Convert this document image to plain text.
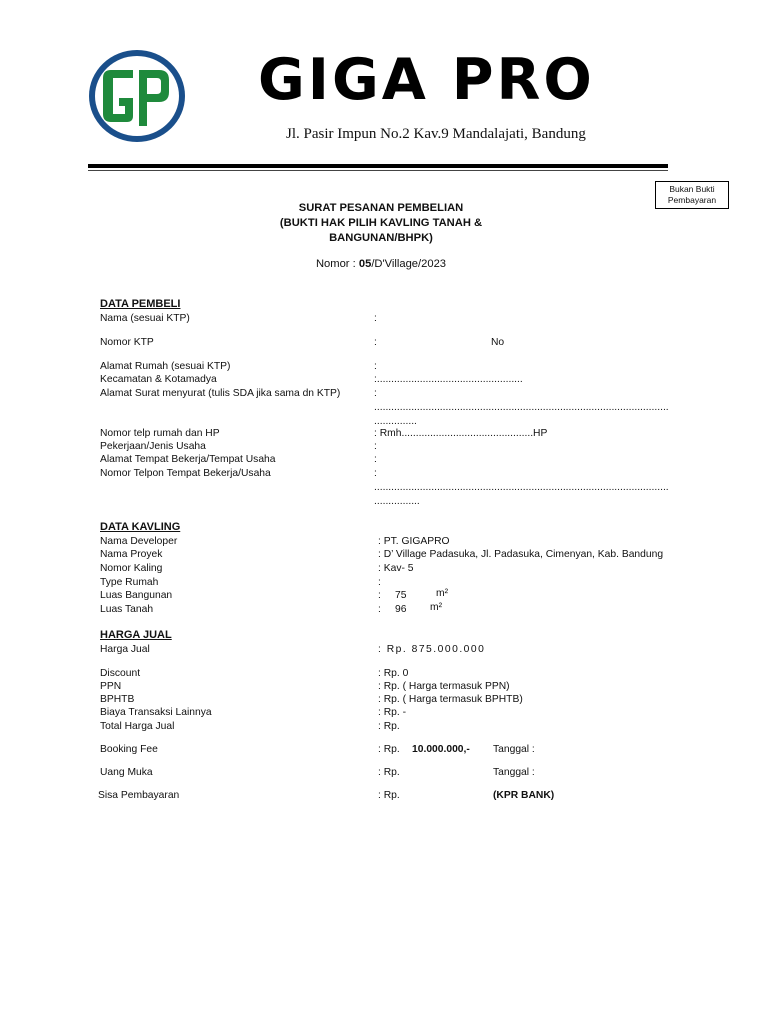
GIGA PRO
Jl. Pasir Impun No.2 Kav.9 Mandalajati, Bandung
Bukan Bukti
Pembayaran
SURAT PESANAN PEMBELIAN
(BUKTI HAK PILIH KAVLING TANAH &
BANGUNAN/BHPK)
Nomor : 05/D'Village/2023
DATA PEMBELI
Nama (sesuai KTP)	:
Nomor KTP	:	No
Alamat Rumah (sesuai KTP)	:
Kecamatan & Kotamadya	:...................................................
Alamat Surat menyurat (tulis SDA jika sama dn KTP)	:
.......................................................................................................
...............
Nomor telp rumah dan HP	: Rmh..............................................HP
Pekerjaan/Jenis Usaha	:
Alamat Tempat Bekerja/Tempat Usaha	:
Nomor Telpon Tempat Bekerja/Usaha	:
.......................................................................................................
................
DATA KAVLING
Nama Developer	: PT. GIGAPRO
Nama Proyek	: D’ Village Padasuka, Jl. Padasuka, Cimenyan, Kab. Bandung
Nomor Kaling	: Kav- 5
Type Rumah	:
Luas Bangunan	: 75	m²
Luas Tanah	: 96 m²
HARGA JUAL
Harga Jual	: Rp. 875.000.000
Discount	: Rp. 0
PPN	: Rp. ( Harga termasuk PPN)
BPHTB	: Rp. ( Harga termasuk BPHTB)
Biaya Transaksi Lainnya	: Rp. -
Total Harga Jual	: Rp.
Booking Fee	: Rp. 10.000.000,- Tanggal :
Uang Muka	: Rp.	Tanggal :
Sisa Pembayaran	: Rp.	(KPR BANK)
